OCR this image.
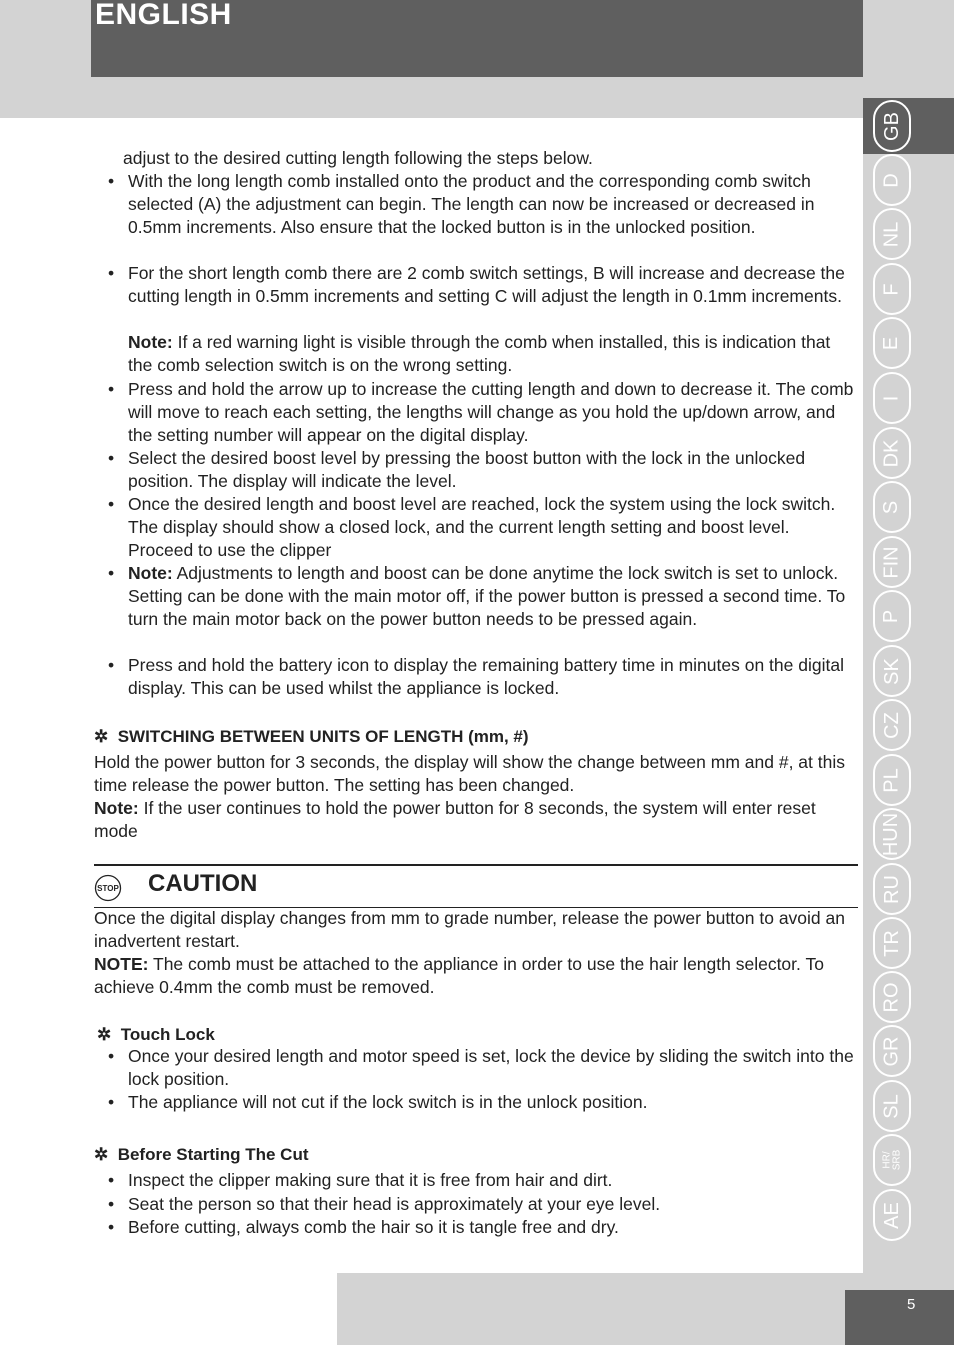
ENGLISH
GB
D
NL
F
E
I
DK
S
FIN
P
SK
CZ
PL
HUN
RU
TR
RO
GR
SL
HR/
SRB
AE
5
adjust to the desired cutting length following the steps below.
• With the long length comb installed onto the product and the corresponding comb switch selected (A) the adjustment can begin. The length can now be increased or decreased in 0.5mm increments. Also ensure that the locked button is in the unlocked position.
• For the short length comb there are 2 comb switch settings, B will increase and decrease the cutting length in 0.5mm increments and setting C will adjust the length in 0.1mm increments.
Note: If a red warning light is visible through the comb when installed, this is indication that the comb selection switch is on the wrong setting.
• Press and hold the arrow up to increase the cutting length and down to decrease it. The comb will move to reach each setting, the lengths will change as you hold the up/down arrow, and the setting number will appear on the digital display.
• Select the desired boost level by pressing the boost button with the lock in the unlocked position. The display will indicate the level.
• Once the desired length and boost level are reached, lock the system using the lock switch. The display should show a closed lock, and the current length setting and boost level. Proceed to use the clipper
• Note: Adjustments to length and boost can be done anytime the lock switch is set to unlock. Setting can be done with the main motor off, if the power button is pressed a second time. To turn the main motor back on the power button needs to be pressed again.
• Press and hold the battery icon to display the remaining battery time in minutes on the digital display. This can be used whilst the appliance is locked.
✲ SWITCHING BETWEEN UNITS OF LENGTH (mm, #)
Hold the power button for 3 seconds, the display will show the change between mm and #, at this time release the power button. The setting has been changed.
Note: If the user continues to hold the power button for 8 seconds, the system will enter reset mode
STOP CAUTION
Once the digital display changes from mm to grade number, release the power button to avoid an inadvertent restart.
NOTE: The comb must be attached to the appliance in order to use the hair length selector. To achieve 0.4mm the comb must be removed.
✲ Touch Lock
• Once your desired length and motor speed is set, lock the device by sliding the switch into the lock position.
• The appliance will not cut if the lock switch is in the unlock position.
✲ Before Starting The Cut
• Inspect the clipper making sure that it is free from hair and dirt.
• Seat the person so that their head is approximately at your eye level.
• Before cutting, always comb the hair so it is tangle free and dry.
